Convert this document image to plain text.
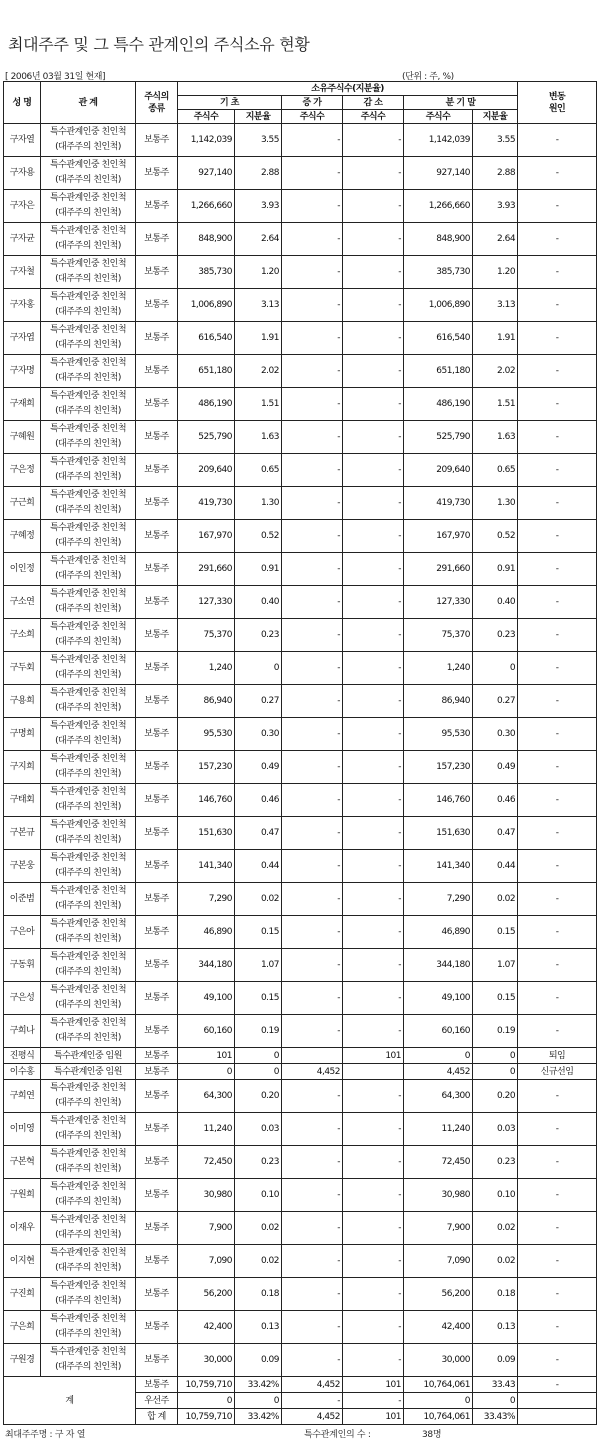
최대주주 및 그 특수 관계인의 주식소유 현황
[ 2006년 03월 31일 현재]	(단위 : 주, %)
성 명	관 계	주식의
종류	소유주식수(지분율)						변동
원인
			기 초		증 가	감 소	분 기 말		
			주식수	지분율	주식수	주식수	주식수	지분율	
구자열	특수관계인중 친인척
(대주주의 친인척)	보통주	1,142,039	3.55	-	-	1,142,039	3.55	-
구자용	특수관계인중 친인척
(대주주의 친인척)	보통주	927,140	2.88	-	-	927,140	2.88	-
구자은	특수관계인중 친인척
(대주주의 친인척)	보통주	1,266,660	3.93	-	-	1,266,660	3.93	-
구자균	특수관계인중 친인척
(대주주의 친인척)	보통주	848,900	2.64	-	-	848,900	2.64	-
구자철	특수관계인중 친인척
(대주주의 친인척)	보통주	385,730	1.20	-	-	385,730	1.20	-
구자홍	특수관계인중 친인척
(대주주의 친인척)	보통주	1,006,890	3.13	-	-	1,006,890	3.13	-
구자엽	특수관계인중 친인척
(대주주의 친인척)	보통주	616,540	1.91	-	-	616,540	1.91	-
구자명	특수관계인중 친인척
(대주주의 친인척)	보통주	651,180	2.02	-	-	651,180	2.02	-
구재희	특수관계인중 친인척
(대주주의 친인척)	보통주	486,190	1.51	-	-	486,190	1.51	-
구혜원	특수관계인중 친인척
(대주주의 친인척)	보통주	525,790	1.63	-	-	525,790	1.63	-
구은정	특수관계인중 친인척
(대주주의 친인척)	보통주	209,640	0.65	-	-	209,640	0.65	-
구근희	특수관계인중 친인척
(대주주의 친인척)	보통주	419,730	1.30	-	-	419,730	1.30	-
구혜정	특수관계인중 친인척
(대주주의 친인척)	보통주	167,970	0.52	-	-	167,970	0.52	-
이인정	특수관계인중 친인척
(대주주의 친인척)	보통주	291,660	0.91	-	-	291,660	0.91	-
구소연	특수관계인중 친인척
(대주주의 친인척)	보통주	127,330	0.40	-	-	127,330	0.40	-
구소희	특수관계인중 친인척
(대주주의 친인척)	보통주	75,370	0.23	-	-	75,370	0.23	-
구두회	특수관계인중 친인척
(대주주의 친인척)	보통주	1,240	0	-	-	1,240	0	-
구용희	특수관계인중 친인척
(대주주의 친인척)	보통주	86,940	0.27	-	-	86,940	0.27	-
구명희	특수관계인중 친인척
(대주주의 친인척)	보통주	95,530	0.30	-	-	95,530	0.30	-
구지희	특수관계인중 친인척
(대주주의 친인척)	보통주	157,230	0.49	-	-	157,230	0.49	-
구태회	특수관계인중 친인척
(대주주의 친인척)	보통주	146,760	0.46	-	-	146,760	0.46	-
구본규	특수관계인중 친인척
(대주주의 친인척)	보통주	151,630	0.47	-	-	151,630	0.47	-
구본웅	특수관계인중 친인척
(대주주의 친인척)	보통주	141,340	0.44	-	-	141,340	0.44	-
이준범	특수관계인중 친인척
(대주주의 친인척)	보통주	7,290	0.02	-	-	7,290	0.02	-
구은아	특수관계인중 친인척
(대주주의 친인척)	보통주	46,890	0.15	-	-	46,890	0.15	-
구동휘	특수관계인중 친인척
(대주주의 친인척)	보통주	344,180	1.07	-	-	344,180	1.07	-
구은성	특수관계인중 친인척
(대주주의 친인척)	보통주	49,100	0.15	-	-	49,100	0.15	-
구희나	특수관계인중 친인척
(대주주의 친인척)	보통주	60,160	0.19	-	-	60,160	0.19	-
진평식	특수관계인중 임원	보통주	101	0		101	0	0	퇴임
이수홍	특수관계인중 임원	보통주	0	0	4,452		4,452	0	신규선임
구희연	특수관계인중 친인척
(대주주의 친인척)	보통주	64,300	0.20	-	-	64,300	0.20	-
이미영	특수관계인중 친인척
(대주주의 친인척)	보통주	11,240	0.03	-	-	11,240	0.03	-
구본혁	특수관계인중 친인척
(대주주의 친인척)	보통주	72,450	0.23	-	-	72,450	0.23	-
구원희	특수관계인중 친인척
(대주주의 친인척)	보통주	30,980	0.10	-	-	30,980	0.10	-
이재우	특수관계인중 친인척
(대주주의 친인척)	보통주	7,900	0.02	-	-	7,900	0.02	-
이지현	특수관계인중 친인척
(대주주의 친인척)	보통주	7,090	0.02	-	-	7,090	0.02	-
구진희	특수관계인중 친인척
(대주주의 친인척)	보통주	56,200	0.18	-	-	56,200	0.18	-
구은희	특수관계인중 친인척
(대주주의 친인척)	보통주	42,400	0.13	-	-	42,400	0.13	-
구원경	특수관계인중 친인척
(대주주의 친인척)	보통주	30,000	0.09	-	-	30,000	0.09	-
계		보통주	10,759,710	33.42%	4,452	101	10,764,061	33.43	-
		우선주	0	0	-	-	0	0	
		합 계	10,759,710	33.42%	4,452	101	10,764,061	33.43%	
최대주주명 : 구 자 열	특수관계인의 수 :	38명
